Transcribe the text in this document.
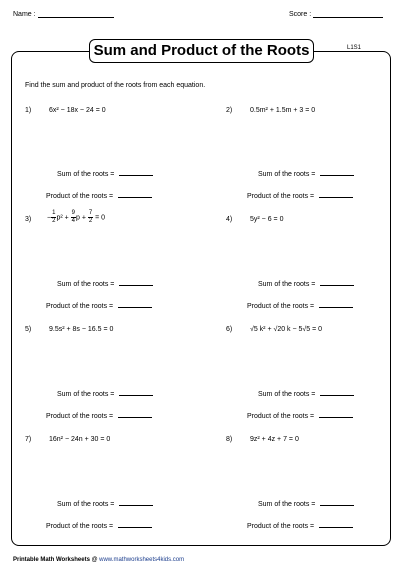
Name :	Score :
Sum and Product of the Roots	L1S1
Find the sum and product of the roots from each equation.
1)	6x² − 18x − 24 = 0	2)	0.5m² + 1.5m + 3 = 0
Sum of the roots =
Product of the roots =
Sum of the roots =
Product of the roots =
$3) - \frac{1}{2} p^2 + \frac{9}{4}$ $p + \frac{7}{2} = 0$	4)	5y² − 6 = 0
Sum of the roots =
Product of the roots =
Sum of the roots =
Product of the roots =
5)	9.5s² + 8s − 16.5 = 0	6)	√5 k² + √20 k − 5√5 = 0
Sum of the roots =
Product of the roots =
Sum of the roots =
Product of the roots =
7)	16n² − 24n + 30 = 0	8)	9z² + 4z + 7 = 0
Sum of the roots =
Product of the roots =
Sum of the roots =
Product of the roots =
Printable Math Worksheets @ www.mathworksheets4kids.com
